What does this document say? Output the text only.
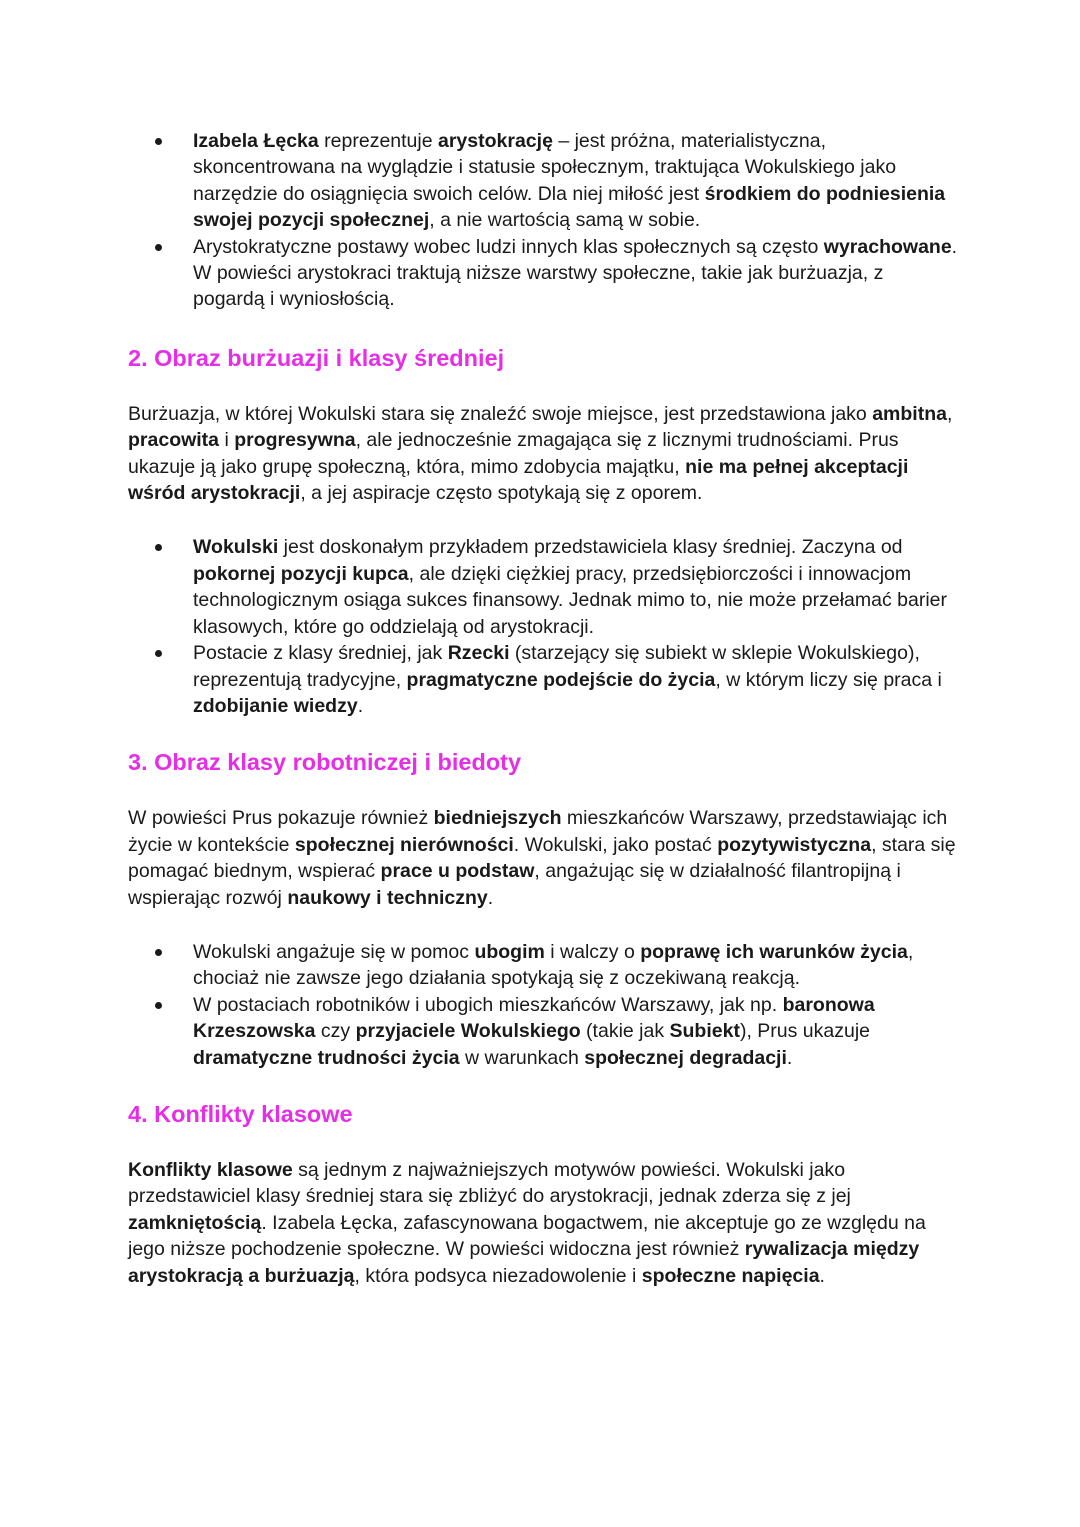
Izabela Łęcka reprezentuje arystokrację – jest próżna, materialistyczna, skoncentrowana na wyglądzie i statusie społecznym, traktująca Wokulskiego jako narzędzie do osiągnięcia swoich celów. Dla niej miłość jest środkiem do podniesienia swojej pozycji społecznej, a nie wartością samą w sobie.
Arystokratyczne postawy wobec ludzi innych klas społecznych są często wyrachowane. W powieści arystokraci traktują niższe warstwy społeczne, takie jak burżuazja, z pogardą i wyniosłością.
2. Obraz burżuazji i klasy średniej

Burżuazja, w której Wokulski stara się znaleźć swoje miejsce, jest przedstawiona jako ambitna, pracowita i progresywna, ale jednocześnie zmagająca się z licznymi trudnościami. Prus ukazuje ją jako grupę społeczną, która, mimo zdobycia majątku, nie ma pełnej akceptacji wśród arystokracji, a jej aspiracje często spotykają się z oporem.

Wokulski jest doskonałym przykładem przedstawiciela klasy średniej. Zaczyna od pokornej pozycji kupca, ale dzięki ciężkiej pracy, przedsiębiorczości i innowacjom technologicznym osiąga sukces finansowy. Jednak mimo to, nie może przełamać barier klasowych, które go oddzielają od arystokracji.
Postacie z klasy średniej, jak Rzecki (starzejący się subiekt w sklepie Wokulskiego), reprezentują tradycyjne, pragmatyczne podejście do życia, w którym liczy się praca i zdobijanie wiedzy.
3. Obraz klasy robotniczej i biedoty

W powieści Prus pokazuje również biedniejszych mieszkańców Warszawy, przedstawiając ich życie w kontekście społecznej nierówności. Wokulski, jako postać pozytywistyczna, stara się pomagać biednym, wspierać prace u podstaw, angażując się w działalność filantropijną i wspierając rozwój naukowy i techniczny.

Wokulski angażuje się w pomoc ubogim i walczy o poprawę ich warunków życia, chociaż nie zawsze jego działania spotykają się z oczekiwaną reakcją.
W postaciach robotników i ubogich mieszkańców Warszawy, jak np. baronowa Krzeszowska czy przyjaciele Wokulskiego (takie jak Subiekt), Prus ukazuje dramatyczne trudności życia w warunkach społecznej degradacji.
4. Konflikty klasowe

Konflikty klasowe są jednym z najważniejszych motywów powieści. Wokulski jako przedstawiciel klasy średniej stara się zbliżyć do arystokracji, jednak zderza się z jej zamkniętością. Izabela Łęcka, zafascynowana bogactwem, nie akceptuje go ze względu na jego niższe pochodzenie społeczne. W powieści widoczna jest również rywalizacja między arystokracją a burżuazją, która podsyca niezadowolenie i społeczne napięcia.
